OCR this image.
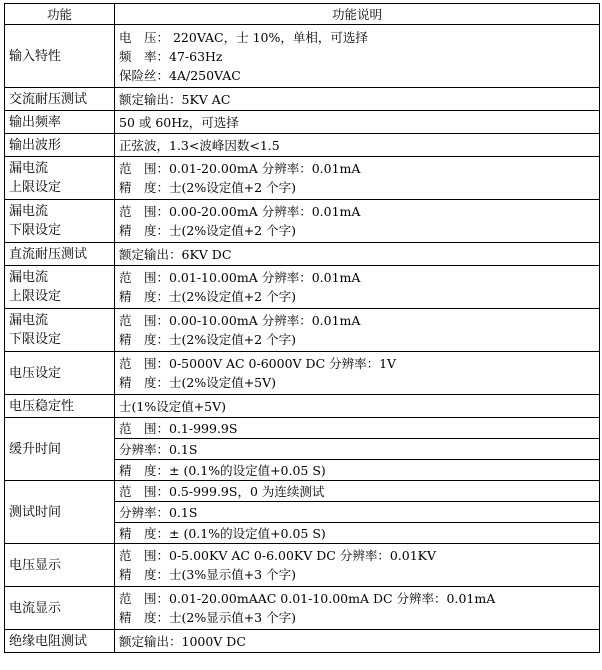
功能	功能说明
输入特性	电　压： 220VAC，士 10%，单相，可选择
频　率：47-63Hz
保险丝：4A/250VAC

交流耐压测试	额定输出：5KV AC
输出频率	50 或 60Hz，可选择
输出波形	正弦波，1.3<波峰因数<1.5

漏电流
上限设定	范　围：0.01-20.00mA 分辨率：0.01mA
精　度：士(2%设定值+2 个字)

漏电流
下限设定	范　围：0.00-20.00mA 分辨率：0.01mA
精　度：士(2%设定值+2 个字)

直流耐压测试	额定输出：6KV DC

漏电流
上限设定	范　围：0.01-10.00mA 分辨率：0.01mA
精　度：士(2%设定值+2 个字)

漏电流
下限设定	范　围：0.00-10.00mA 分辨率：0.01mA
精　度：士(2%设定值+2 个字)

电压设定	范　围：0-5000V AC 0-6000V DC 分辨率：1V
精　度：士(2%设定值+5V)

电压稳定性	士(1%设定值+5V)
缓升时间	范　围：0.1-999.9S
	分辨率：0.1S
	精　度：± (0.1%的设定值+0.05 S)
测试时间	范　围：0.5-999.9S，0 为连续测试
	分辨率：0.1S
	精　度：± (0.1%的设定值+0.05 S)
电压显示	范　围：0-5.00KV AC 0-6.00KV DC 分辨率：0.01KV
精　度：士(3%显示值+3 个字)

电流显示	范　围：0.01-20.00mAAC 0.01-10.00mA DC 分辨率：0.01mA
精　度：士(2%显示值+3 个字)

绝缘电阻测试	额定输出：1000V DC
